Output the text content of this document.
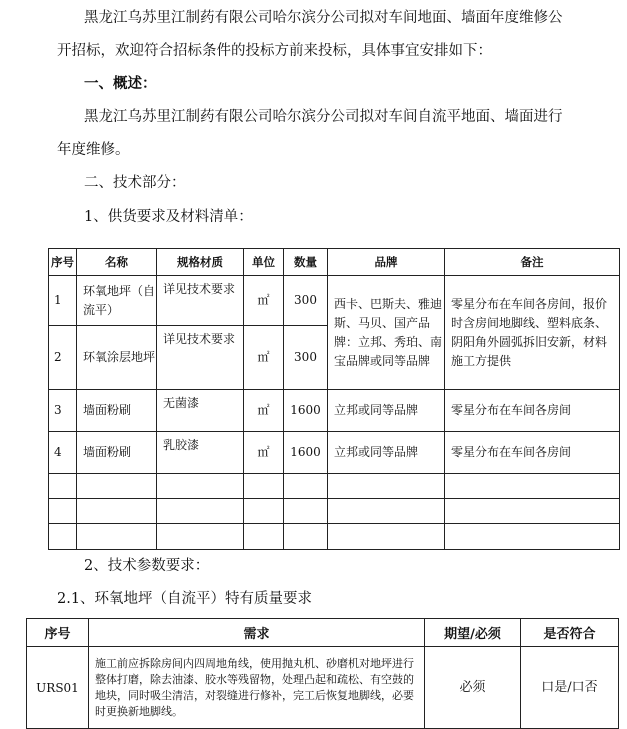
黑龙江乌苏里江制药有限公司哈尔滨分公司拟对车间地面、墙面年度维修公
开招标，欢迎符合招标条件的投标方前来投标，具体事宜安排如下：
一、概述：
黑龙江乌苏里江制药有限公司哈尔滨分公司拟对车间自流平地面、墙面进行
年度维修。
二、技术部分：
1、供货要求及材料清单：
序号	名称	规格材质	单位	数量	品牌	备注
1	环氧地坪（自流平）	详见技术要求	㎡	300	西卡、巴斯夫、雅迪斯、马贝、国产品牌：立邦、秀珀、南宝品牌或同等品牌	零星分布在车间各房间，报价时含房间地脚线、塑料底条、阴阳角外圆弧拆旧安新，材料施工方提供
2	环氧涂层地坪	详见技术要求	㎡	300		
3	墙面粉刷	无菌漆	㎡	1600	立邦或同等品牌	零星分布在车间各房间
4	墙面粉刷	乳胶漆	㎡	1600	立邦或同等品牌	零星分布在车间各房间

2、技术参数要求：
2.1、环氧地坪（自流平）特有质量要求
序号	需求	期望/必须	是否符合
URS01	施工前应拆除房间内四周地角线，使用抛丸机、砂磨机对地坪进行整体打磨，除去油漆、胶水等残留物，处理凸起和疏松、有空鼓的地块，同时吸尘清洁，对裂缝进行修补，完工后恢复地脚线，必要时更换新地脚线。	必须	口是/口否
